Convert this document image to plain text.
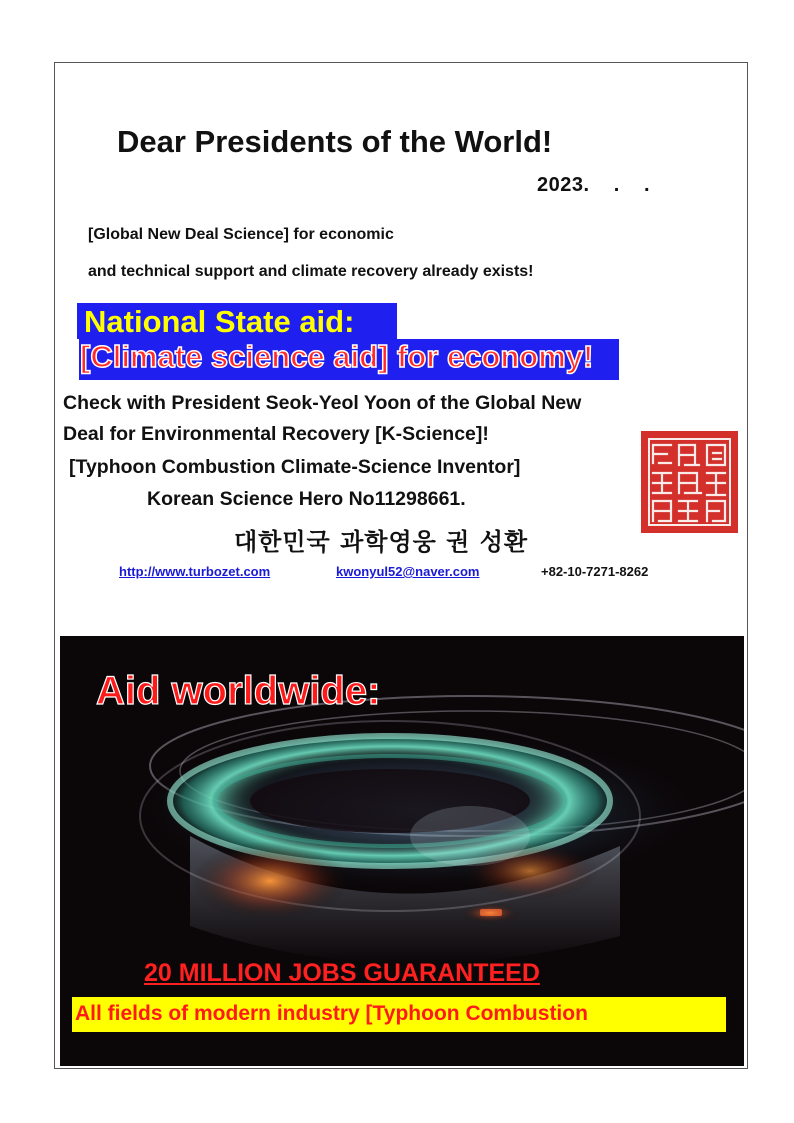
Dear Presidents of the World!
2023.    .    .
[Global New Deal Science] for economic
and technical support and climate recovery already exists!
National State aid:
[Climate science aid] for economy!
Check with President Seok-Yeol Yoon of the Global New
Deal for Environmental Recovery [K-Science]!
[Typhoon Combustion Climate-Science Inventor]
Korean Science Hero No11298661.
대한민국 과학영웅 권 성환
http://www.turbozet.com	kwonyul52@naver.com	+82-10-7271-8262
Aid worldwide:
20 MILLION JOBS GUARANTEED
All fields of modern industry [Typhoon Combustion
